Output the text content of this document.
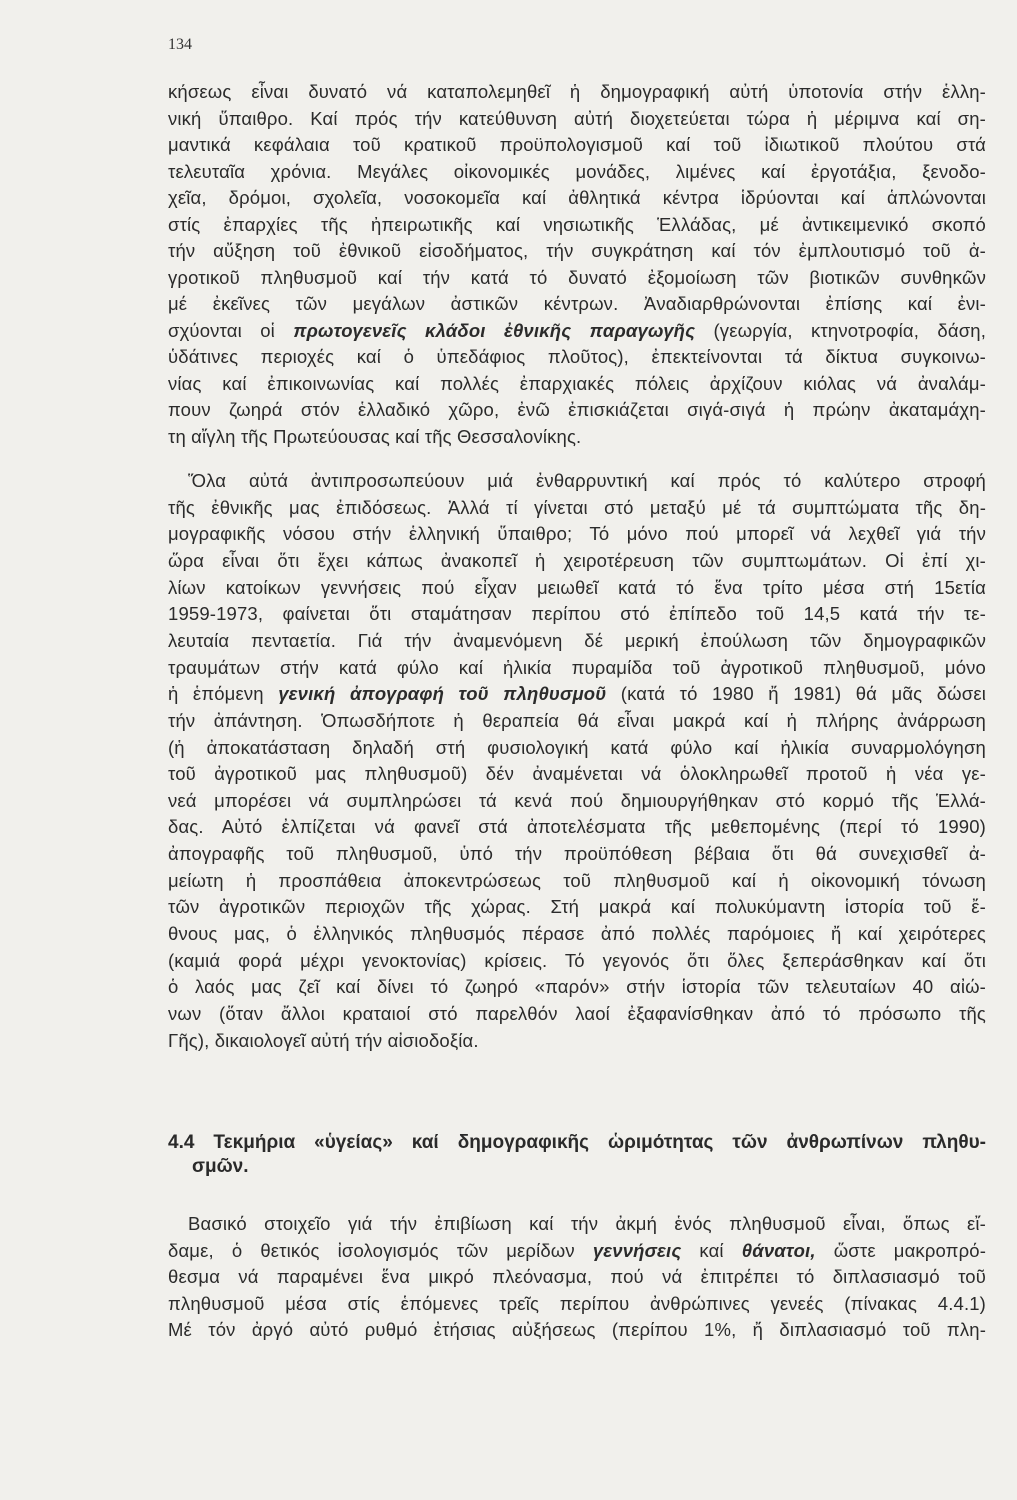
134

κήσεως εἶναι δυνατό νά καταπολεμηθεῖ ἡ δημογραφική αὐτή ὑποτονία στήν ἑλλη-

νική ὕπαιθρο. Καί πρός τήν κατεύθυνση αὐτή διοχετεύεται τώρα ἡ μέριμνα καί ση-

μαντικά κεφάλαια τοῦ κρατικοῦ προϋπολογισμοῦ καί τοῦ ἰδιωτικοῦ πλούτου στά

τελευταῖα χρόνια. Μεγάλες οἰκονομικές μονάδες, λιμένες καί ἐργοτάξια, ξενοδο-

χεῖα, δρόμοι, σχολεῖα, νοσοκομεῖα καί ἀθλητικά κέντρα ἱδρύονται καί ἁπλώνονται

στίς ἐπαρχίες τῆς ἠπειρωτικῆς καί νησιωτικῆς Ἑλλάδας, μέ ἀντικειμενικό σκοπό

τήν αὔξηση τοῦ ἐθνικοῦ εἰσοδήματος, τήν συγκράτηση καί τόν ἐμπλουτισμό τοῦ ἀ-

γροτικοῦ πληθυσμοῦ καί τήν κατά τό δυνατό ἐξομοίωση τῶν βιοτικῶν συνθηκῶν

μέ ἐκεῖνες τῶν μεγάλων ἀστικῶν κέντρων. Ἀναδιαρθρώνονται ἐπίσης καί ἐνι-

σχύονται οἱ πρωτογενεῖς κλάδοι ἐθνικῆς παραγωγῆς (γεωργία, κτηνοτροφία, δάση,

ὑδάτινες περιοχές καί ὁ ὑπεδάφιος πλοῦτος), ἐπεκτείνονται τά δίκτυα συγκοινω-

νίας καί ἐπικοινωνίας καί πολλές ἐπαρχιακές πόλεις ἀρχίζουν κιόλας νά ἀναλάμ-

πουν ζωηρά στόν ἑλλαδικό χῶρο, ἐνῶ ἐπισκιάζεται σιγά-σιγά ἡ πρώην ἀκαταμάχη-

τη αἴγλη τῆς Πρωτεύουσας καί τῆς Θεσσαλονίκης.

Ὅλα αὐτά ἀντιπροσωπεύουν μιά ἐνθαρρυντική καί πρός τό καλύτερο στροφή

τῆς ἐθνικῆς μας ἐπιδόσεως. Ἀλλά τί γίνεται στό μεταξύ μέ τά συμπτώματα τῆς δη-

μογραφικῆς νόσου στήν ἑλληνική ὕπαιθρο; Τό μόνο πού μπορεῖ νά λεχθεῖ γιά τήν

ὥρα εἶναι ὅτι ἔχει κάπως ἀνακοπεῖ ἡ χειροτέρευση τῶν συμπτωμάτων. Οἱ ἐπί χι-

λίων κατοίκων γεννήσεις πού εἶχαν μειωθεῖ κατά τό ἕνα τρίτο μέσα στή 15ετία

1959-1973, φαίνεται ὅτι σταμάτησαν περίπου στό ἐπίπεδο τοῦ 14,5 κατά τήν τε-

λευταία πενταετία. Γιά τήν ἀναμενόμενη δέ μερική ἐπούλωση τῶν δημογραφικῶν

τραυμάτων στήν κατά φύλο καί ἡλικία πυραμίδα τοῦ ἀγροτικοῦ πληθυσμοῦ, μόνο

ἡ ἑπόμενη γενική ἀπογραφή τοῦ πληθυσμοῦ (κατά τό 1980 ἤ 1981) θά μᾶς δώσει

τήν ἀπάντηση. Ὁπωσδήποτε ἡ θεραπεία θά εἶναι μακρά καί ἡ πλήρης ἀνάρρωση

(ἡ ἀποκατάσταση δηλαδή στή φυσιολογική κατά φύλο καί ἡλικία συναρμολόγηση

τοῦ ἀγροτικοῦ μας πληθυσμοῦ) δέν ἀναμένεται νά ὁλοκληρωθεῖ προτοῦ ἡ νέα γε-

νεά μπορέσει νά συμπληρώσει τά κενά πού δημιουργήθηκαν στό κορμό τῆς Ἑλλά-

δας. Αὐτό ἐλπίζεται νά φανεῖ στά ἀποτελέσματα τῆς μεθεπομένης (περί τό 1990)

ἀπογραφῆς τοῦ πληθυσμοῦ, ὑπό τήν προϋπόθεση βέβαια ὅτι θά συνεχισθεῖ ἀ-

μείωτη ἡ προσπάθεια ἀποκεντρώσεως τοῦ πληθυσμοῦ καί ἡ οἰκονομική τόνωση

τῶν ἀγροτικῶν περιοχῶν τῆς χώρας. Στή μακρά καί πολυκύμαντη ἱστορία τοῦ ἔ-

θνους μας, ὁ ἑλληνικός πληθυσμός πέρασε ἀπό πολλές παρόμοιες ἤ καί χειρότερες

(καμιά φορά μέχρι γενοκτονίας) κρίσεις. Τό γεγονός ὅτι ὅλες ξεπεράσθηκαν καί ὅτι

ὁ λαός μας ζεῖ καί δίνει τό ζωηρό «παρόν» στήν ἱστορία τῶν τελευταίων 40 αἰώ-

νων (ὅταν ἄλλοι κραταιοί στό παρελθόν λαοί ἐξαφανίσθηκαν ἀπό τό πρόσωπο τῆς

Γῆς), δικαιολογεῖ αὐτή τήν αἰσιοδοξία.

4.4 Τεκμήρια «ὑγείας» καί δημογραφικῆς ὡριμότητας τῶν ἀνθρωπίνων πληθυ-
σμῶν.

Βασικό στοιχεῖο γιά τήν ἐπιβίωση καί τήν ἀκμή ἑνός πληθυσμοῦ εἶναι, ὅπως εἴ-

δαμε, ὁ θετικός ἰσολογισμός τῶν μερίδων γεννήσεις καί θάνατοι, ὥστε μακροπρό-

θεσμα νά παραμένει ἕνα μικρό πλεόνασμα, πού νά ἐπιτρέπει τό διπλασιασμό τοῦ

πληθυσμοῦ μέσα στίς ἑπόμενες τρεῖς περίπου ἀνθρώπινες γενεές (πίνακας 4.4.1)

Μέ τόν ἀργό αὐτό ρυθμό ἐτήσιας αὐξήσεως (περίπου 1%, ἤ διπλασιασμό τοῦ πλη-
